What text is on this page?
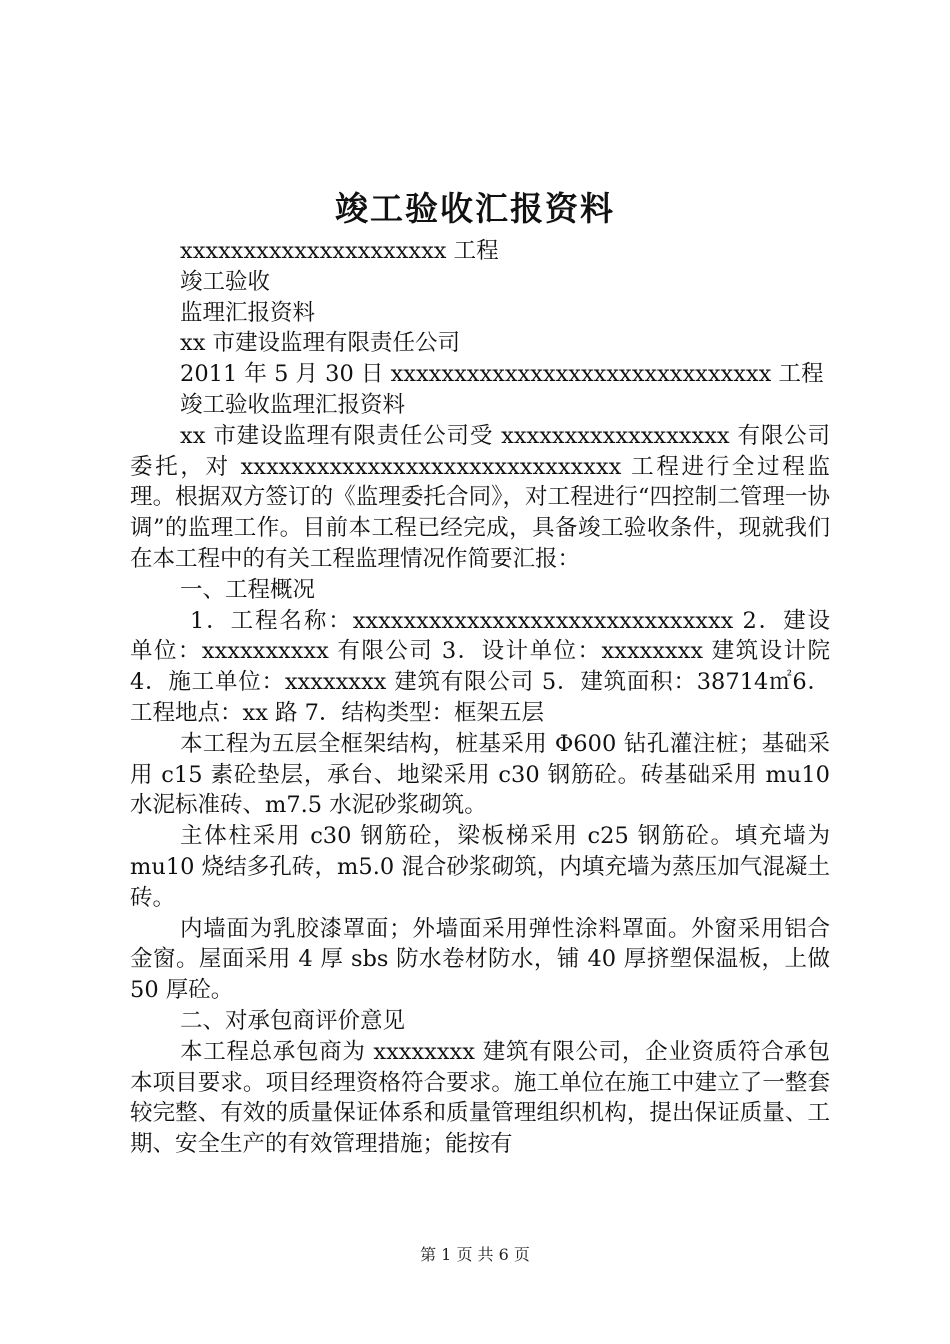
竣工验收汇报资料

xxxxxxxxxxxxxxxxxxxxx 工程

竣工验收

监理汇报资料

xx 市建设监理有限责任公司

2011 年 5 月 30 日 xxxxxxxxxxxxxxxxxxxxxxxxxxxxxx 工程

竣工验收监理汇报资料

xx 市建设监理有限责任公司受 xxxxxxxxxxxxxxxxxx 有限公司委托，对 xxxxxxxxxxxxxxxxxxxxxxxxxxxxxx 工程进行全过程监理。根据双方签订的《监理委托合同》，对工程进行“四控制二管理一协调”的监理工作。目前本工程已经完成，具备竣工验收条件，现就我们在本工程中的有关工程监理情况作简要汇报：

一、工程概况

1．工程名称：xxxxxxxxxxxxxxxxxxxxxxxxxxxxxx 2．建设单位：xxxxxxxxxx 有限公司 3．设计单位：xxxxxxxx 建筑设计院 4．施工单位：xxxxxxxx 建筑有限公司 5．建筑面积：38714㎡6．工程地点：xx 路 7．结构类型：框架五层

本工程为五层全框架结构，桩基采用 Φ600 钻孔灌注桩；基础采用 c15 素砼垫层，承台、地梁采用 c30 钢筋砼。砖基础采用 mu10 水泥标准砖、m7.5 水泥砂浆砌筑。

主体柱采用 c30 钢筋砼，梁板梯采用 c25 钢筋砼。填充墙为 mu10 烧结多孔砖，m5.0 混合砂浆砌筑，内填充墙为蒸压加气混凝土砖。

内墙面为乳胶漆罩面；外墙面采用弹性涂料罩面。外窗采用铝合金窗。屋面采用 4 厚 sbs 防水卷材防水，铺 40 厚挤塑保温板，上做 50 厚砼。

二、对承包商评价意见

本工程总承包商为 xxxxxxxx 建筑有限公司，企业资质符合承包本项目要求。项目经理资格符合要求。施工单位在施工中建立了一整套较完整、有效的质量保证体系和质量管理组织机构，提出保证质量、工期、安全生产的有效管理措施；能按有

第 1 页 共 6 页
